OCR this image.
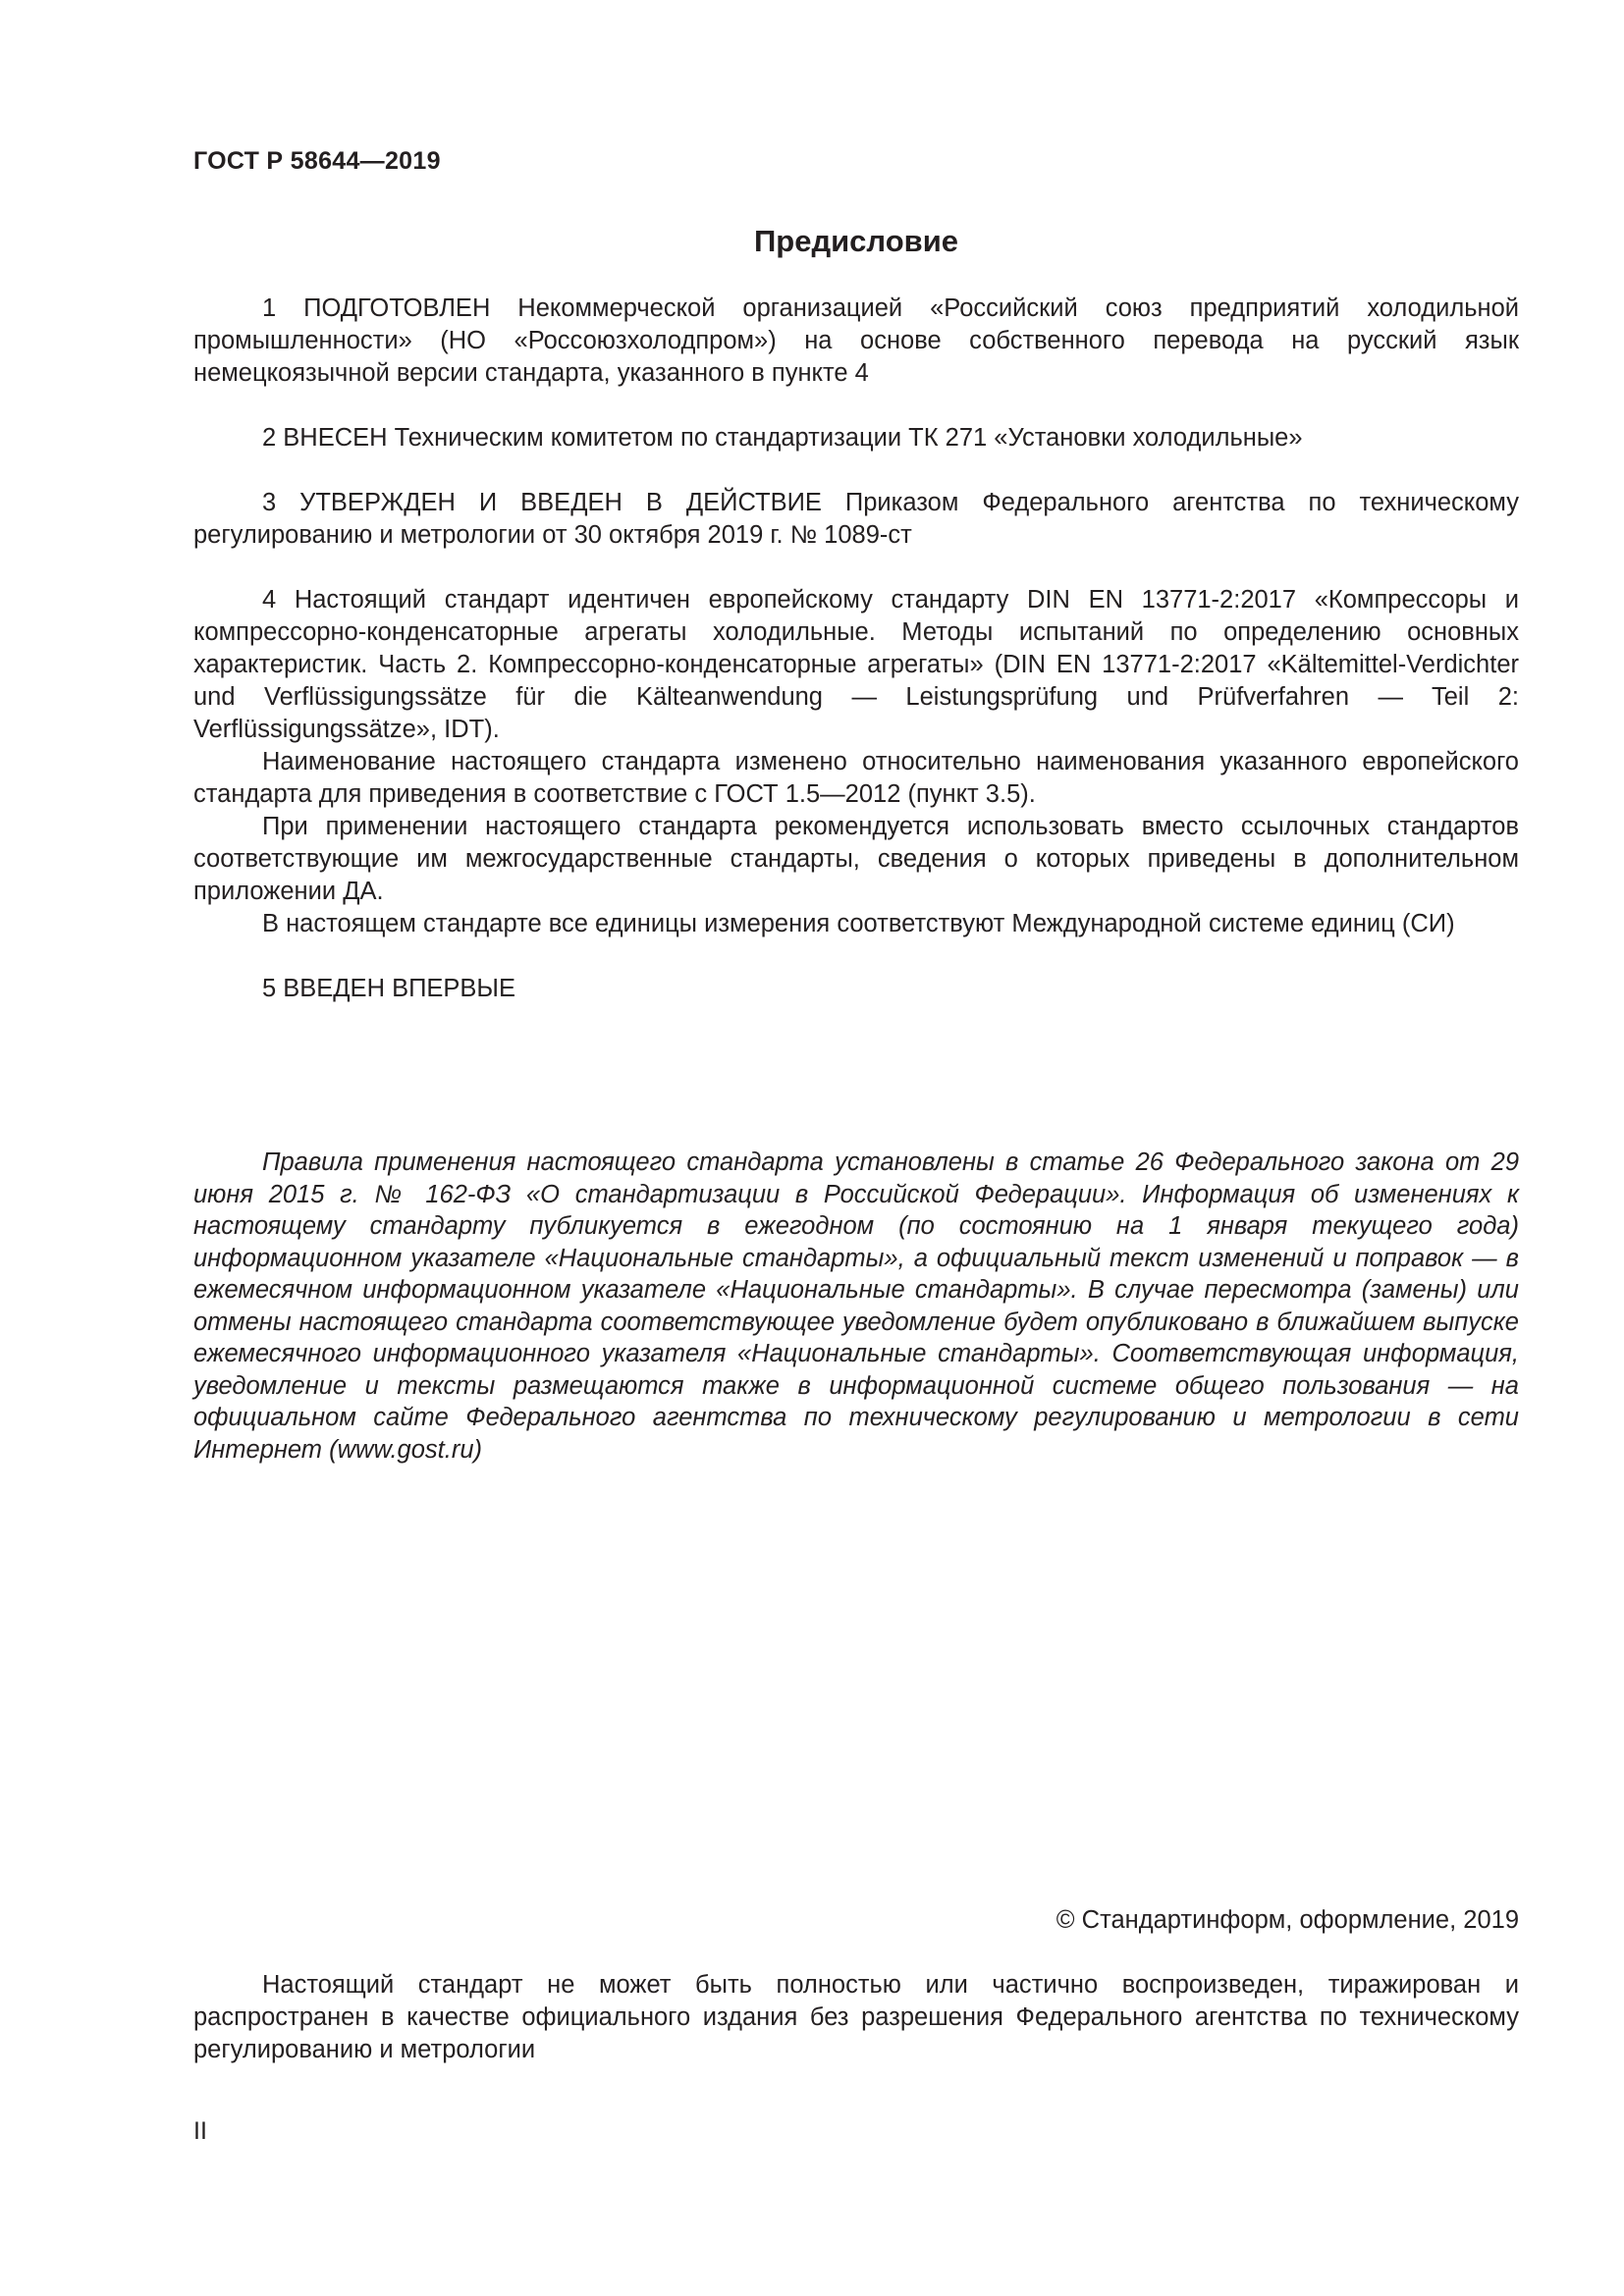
ГОСТ Р 58644—2019
Предисловие

1 ПОДГОТОВЛЕН Некоммерческой организацией «Российский союз предприятий холодильной промышленности» (НО «Россоюзхолодпром») на основе собственного перевода на русский язык немецкоязычной версии стандарта, указанного в пункте 4

2 ВНЕСЕН Техническим комитетом по стандартизации ТК 271 «Установки холодильные»

3 УТВЕРЖДЕН И ВВЕДЕН В ДЕЙСТВИЕ Приказом Федерального агентства по техническому регулированию и метрологии от 30 октября 2019 г. № 1089-ст

4 Настоящий стандарт идентичен европейскому стандарту DIN EN 13771-2:2017 «Компрессоры и компрессорно-конденсаторные агрегаты холодильные. Методы испытаний по определению основных характеристик. Часть 2. Компрессорно-конденсаторные агрегаты» (DIN EN 13771-2:2017 «Kältemittel-Verdichter und Verflüssigungssätze für die Kälteanwendung — Leistungsprüfung und Prüfverfahren — Teil 2: Verflüssigungssätze», IDT).

Наименование настоящего стандарта изменено относительно наименования указанного европейского стандарта для приведения в соответствие с ГОСТ 1.5—2012 (пункт 3.5).

При применении настоящего стандарта рекомендуется использовать вместо ссылочных стандартов соответствующие им межгосударственные стандарты, сведения о которых приведены в дополнительном приложении ДА.

В настоящем стандарте все единицы измерения соответствуют Международной системе единиц (СИ)

5 ВВЕДЕН ВПЕРВЫЕ

Правила применения настоящего стандарта установлены в статье 26 Федерального закона от 29 июня 2015 г. № 162-ФЗ «О стандартизации в Российской Федерации». Информация об изменениях к настоящему стандарту публикуется в ежегодном (по состоянию на 1 января текущего года) информационном указателе «Национальные стандарты», а официальный текст изменений и поправок — в ежемесячном информационном указателе «Национальные стандарты». В случае пересмотра (замены) или отмены настоящего стандарта соответствующее уведомление будет опубликовано в ближайшем выпуске ежемесячного информационного указателя «Национальные стандарты». Соответствующая информация, уведомление и тексты размещаются также в информационной системе общего пользования — на официальном сайте Федерального агентства по техническому регулированию и метрологии в сети Интернет (www.gost.ru)

© Стандартинформ, оформление, 2019

Настоящий стандарт не может быть полностью или частично воспроизведен, тиражирован и распространен в качестве официального издания без разрешения Федерального агентства по техническому регулированию и метрологии

II
